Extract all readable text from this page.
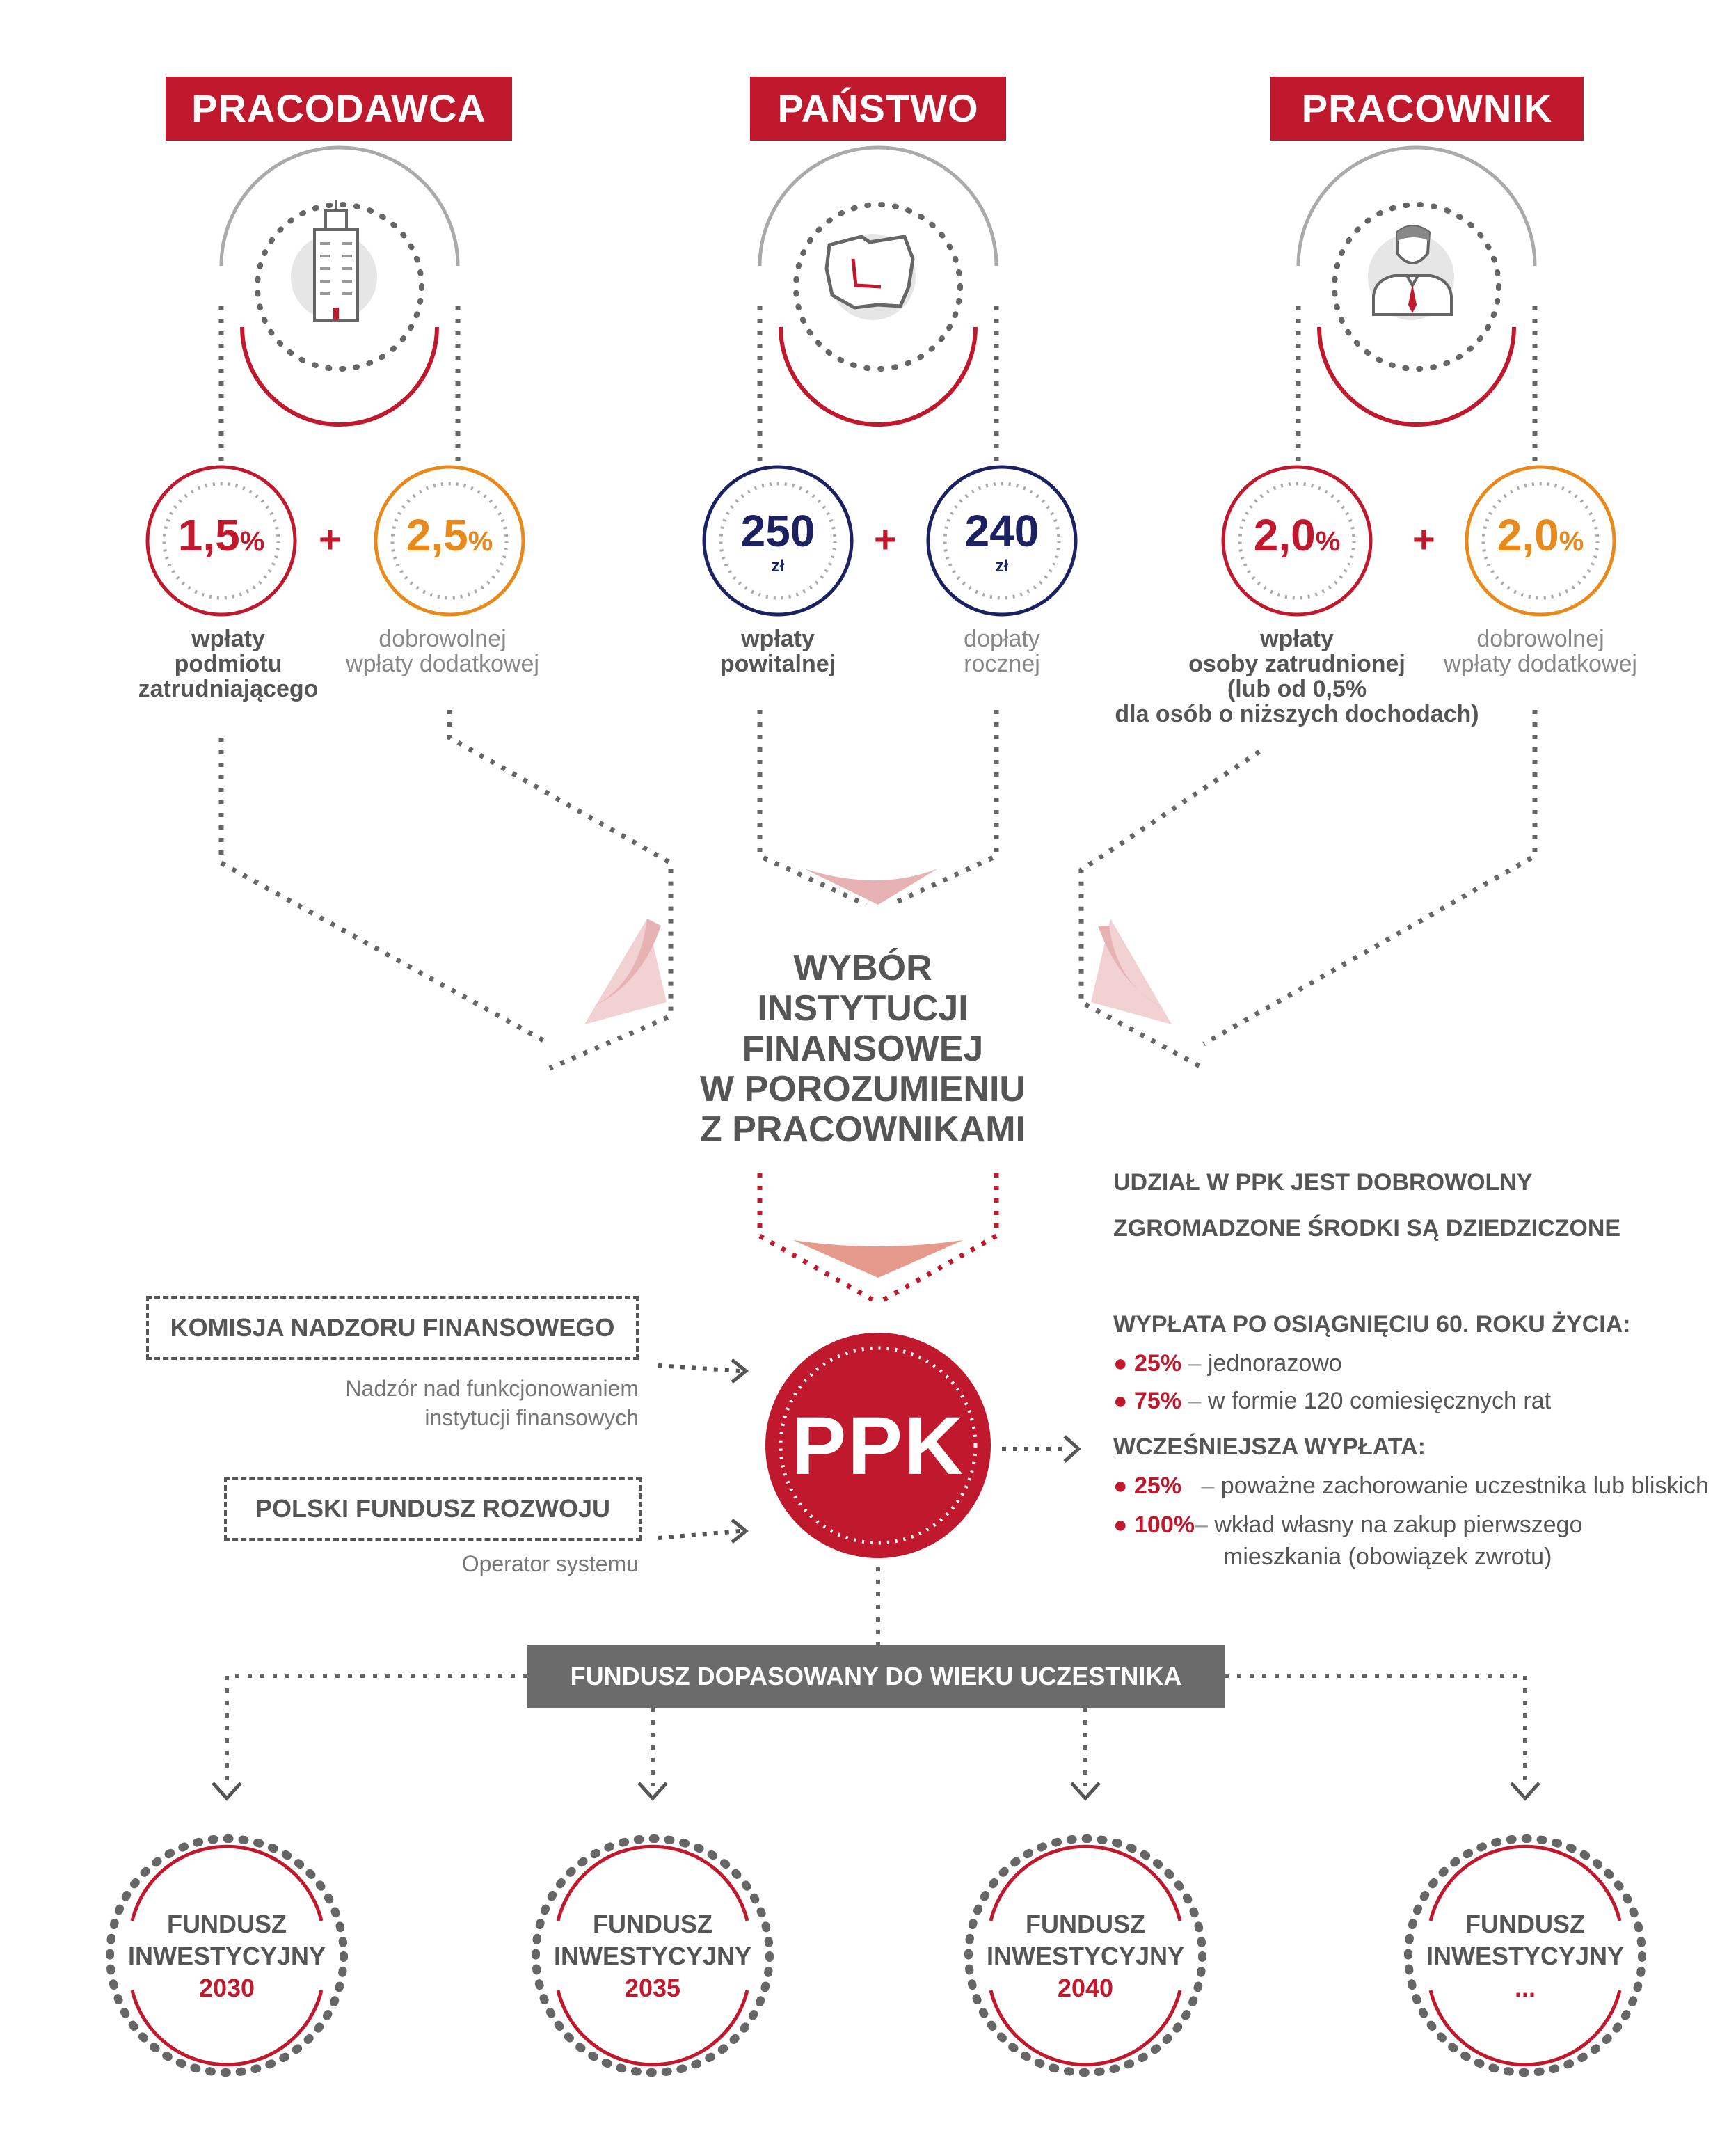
PRACODAWCA	PAŃSTWO	PRACOWNIK
1,5%	+	2,5%	250
zł
+	240
zł
2,0%	+	2,0%
wpłaty
podmiotu
zatrudniającego
dobrowolnej
wpłaty dodatkowej
wpłaty
powitalnej
dopłaty
rocznej
wpłaty
osoby zatrudnionej
(lub od 0,5%
dla osób o niższych dochodach)
dobrowolnej
wpłaty dodatkowej
WYBÓR
INSTYTUCJI
FINANSOWEJ
W POROZUMIENIU
Z PRACOWNIKAMI
UDZIAŁ W PPK JEST DOBROWOLNY
ZGROMADZONE ŚRODKI SĄ DZIEDZICZONE
WYPŁATA PO OSIĄGNIĘCIU 60. ROKU ŻYCIA:
● 25% – jednorazowo
● 75% – w formie 120 comiesięcznych rat
WCZEŚNIEJSZA WYPŁATA:
● 25% – poważne zachorowanie uczestnika lub bliskich
● 100%– wkład własny na zakup pierwszego
mieszkania (obowiązek zwrotu)
KOMISJA NADZORU FINANSOWEGO
Nadzór nad funkcjonowaniem
instytucji finansowych
POLSKI FUNDUSZ ROZWOJU
Operator systemu
PPK
FUNDUSZ DOPASOWANY DO WIEKU UCZESTNIKA
FUNDUSZ
INWESTYCYJNY
2030
FUNDUSZ
INWESTYCYJNY
2035
FUNDUSZ
INWESTYCYJNY
2040
FUNDUSZ
INWESTYCYJNY
...
